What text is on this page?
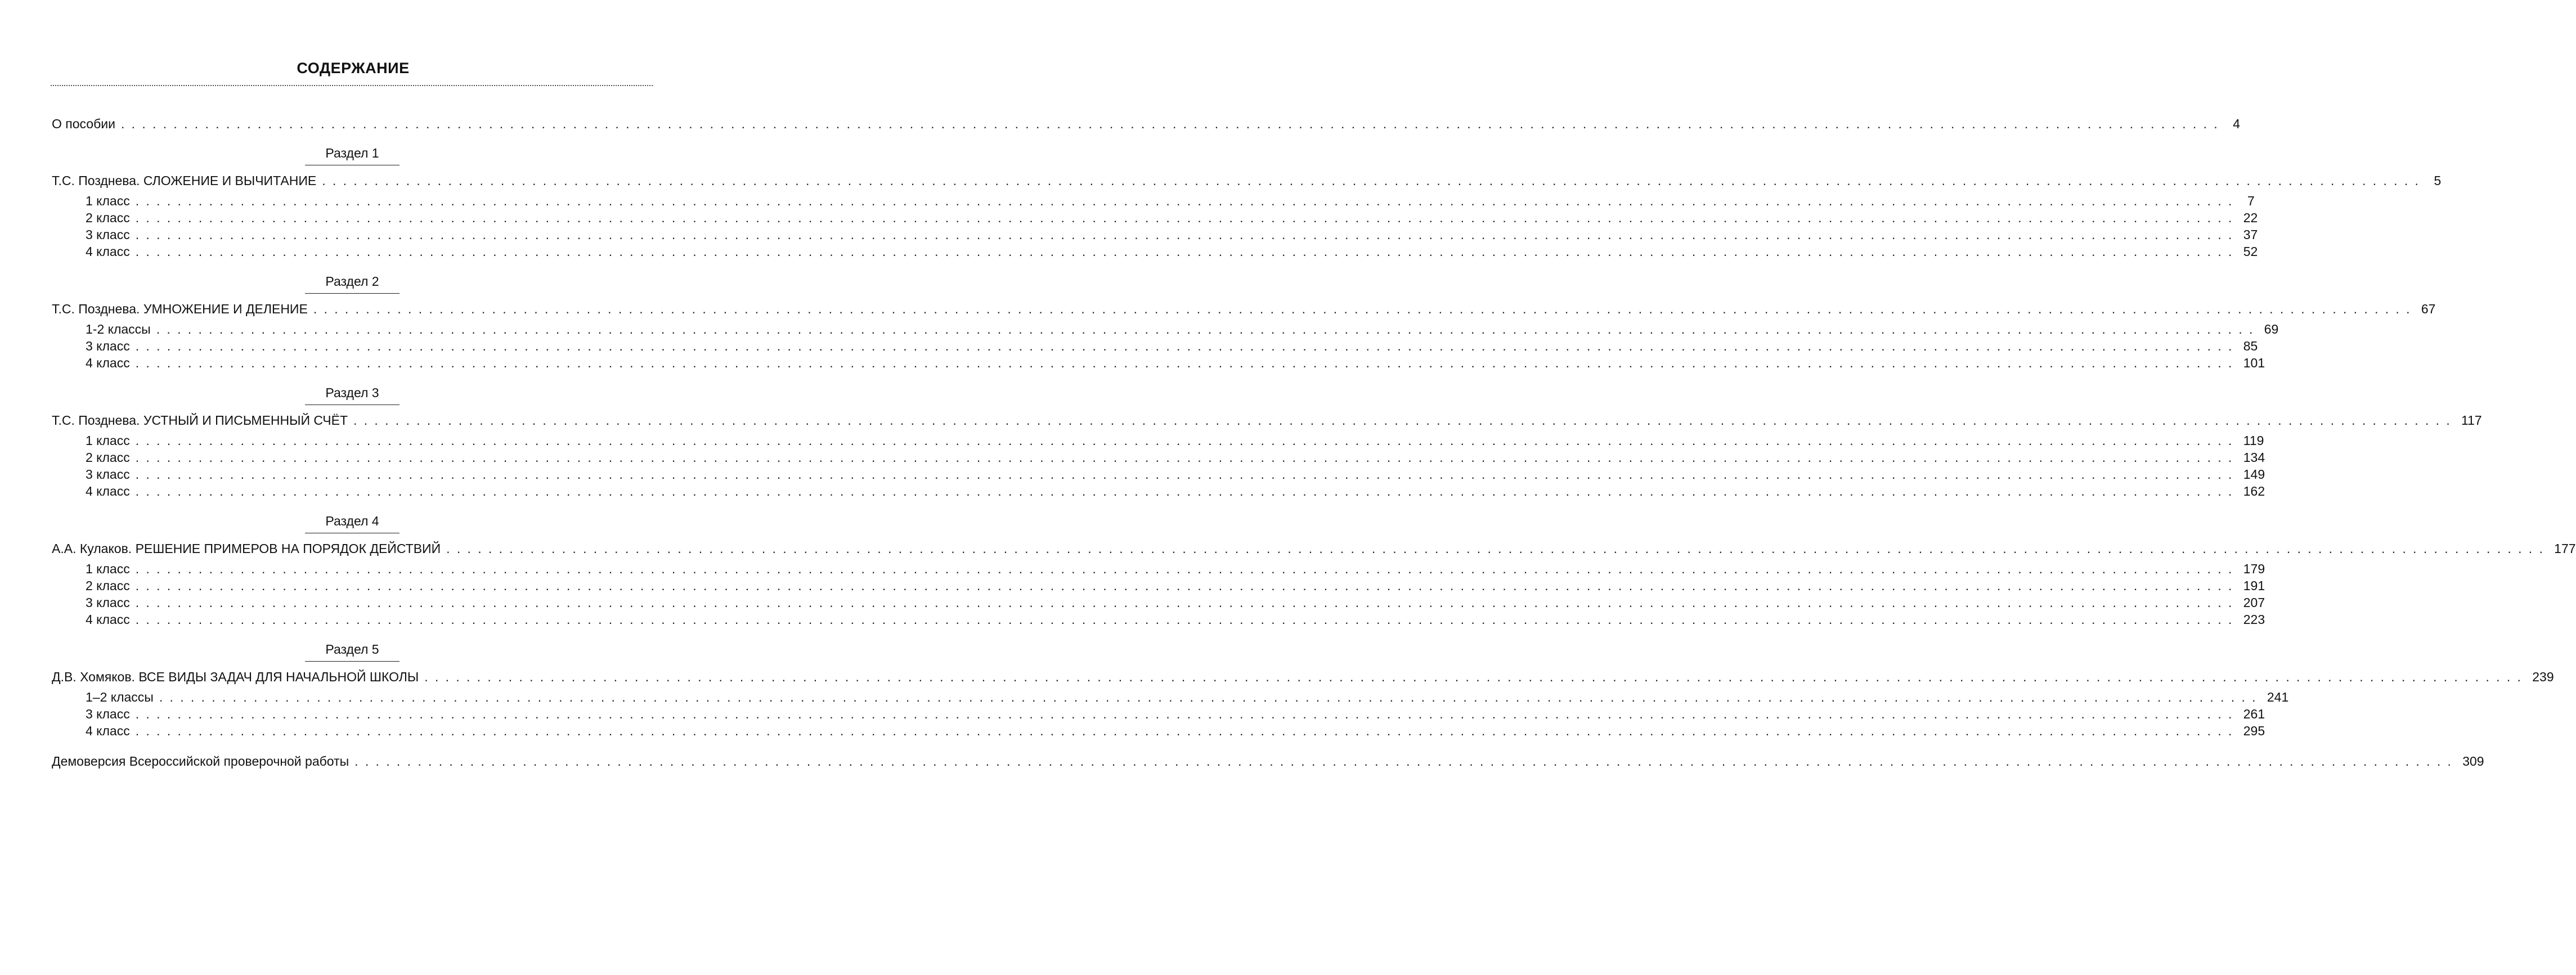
СОДЕРЖАНИЕ
О пособии ........................................................................................................................................................................................................ 4
Раздел 1
Т.С. Позднева. СЛОЖЕНИЕ И ВЫЧИТАНИЕ ........................................................................................................................................................................................................ 5
1 класс ........................................................................................................................................................................................................ 7
2 класс ........................................................................................................................................................................................................ 22
3 класс ........................................................................................................................................................................................................ 37
4 класс ........................................................................................................................................................................................................ 52
Раздел 2
Т.С. Позднева. УМНОЖЕНИЕ И ДЕЛЕНИЕ ........................................................................................................................................................................................................ 67
1-2 классы ........................................................................................................................................................................................................ 69
3 класс ........................................................................................................................................................................................................ 85
4 класс ........................................................................................................................................................................................................ 101
Раздел 3
Т.С. Позднева. УСТНЫЙ И ПИСЬМЕННЫЙ СЧЁТ ........................................................................................................................................................................................................ 117
1 класс ........................................................................................................................................................................................................ 119
2 класс ........................................................................................................................................................................................................ 134
3 класс ........................................................................................................................................................................................................ 149
4 класс ........................................................................................................................................................................................................ 162
Раздел 4
А.А. Кулаков. РЕШЕНИЕ ПРИМЕРОВ НА ПОРЯДОК ДЕЙСТВИЙ ........................................................................................................................................................................................................ 177
1 класс ........................................................................................................................................................................................................ 179
2 класс ........................................................................................................................................................................................................ 191
3 класс ........................................................................................................................................................................................................ 207
4 класс ........................................................................................................................................................................................................ 223
Раздел 5
Д.В. Хомяков. ВСЕ ВИДЫ ЗАДАЧ ДЛЯ НАЧАЛЬНОЙ ШКОЛЫ ........................................................................................................................................................................................................ 239
1–2 классы ........................................................................................................................................................................................................ 241
3 класс ........................................................................................................................................................................................................ 261
4 класс ........................................................................................................................................................................................................ 295
Демоверсия Всероссийской проверочной работы ........................................................................................................................................................................................................ 309
